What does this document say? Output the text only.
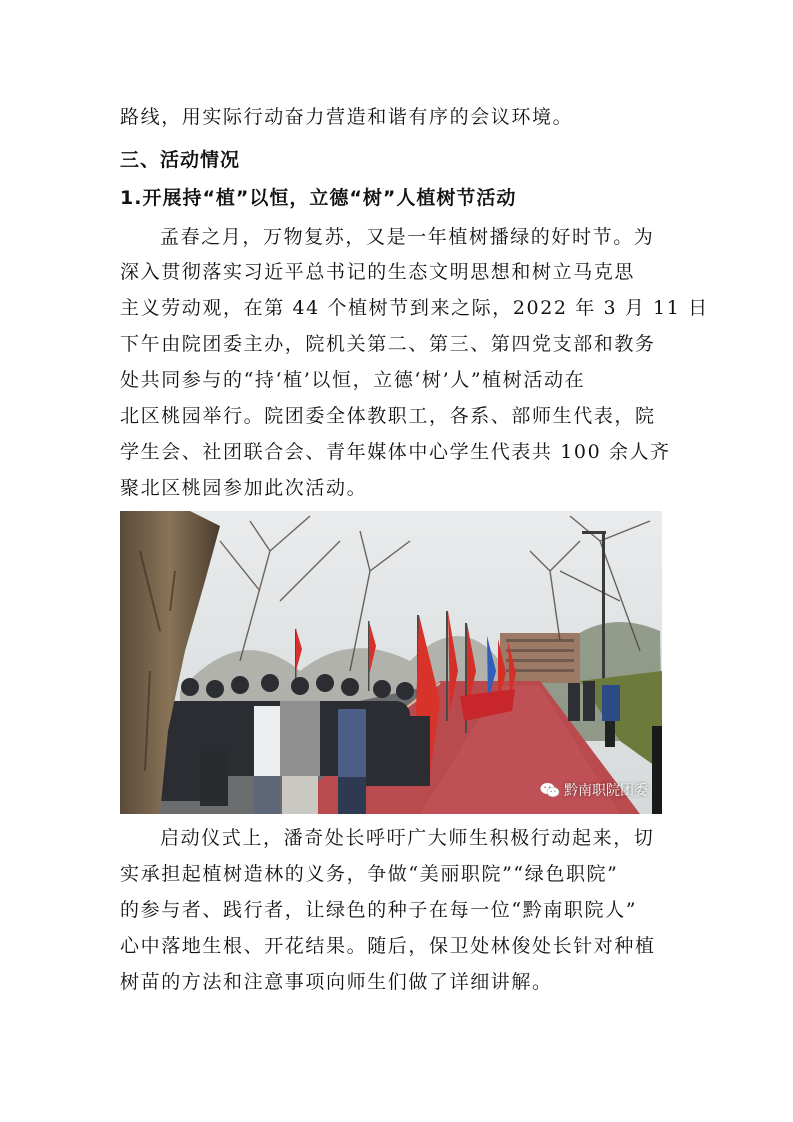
路线，用实际行动奋力营造和谐有序的会议环境。
三、活动情况
1.开展持“植”以恒，立德“树”人植树节活动
孟春之月，万物复苏，又是一年植树播绿的好时节。为
深入贯彻落实习近平总书记的生态文明思想和树立马克思
主义劳动观，在第 44 个植树节到来之际，2022 年 3 月 11 日
下午由院团委主办，院机关第二、第三、第四党支部和教务
处共同参与的“持‘植’以恒，立德‘树’人”植树活动在
北区桃园举行。院团委全体教职工，各系、部师生代表，院
学生会、社团联合会、青年媒体中心学生代表共 100 余人齐
聚北区桃园参加此次活动。
黔南职院团委
启动仪式上，潘奇处长呼吁广大师生积极行动起来，切
实承担起植树造林的义务，争做“美丽职院”“绿色职院”
的参与者、践行者，让绿色的种子在每一位“黔南职院人”
心中落地生根、开花结果。随后，保卫处林俊处长针对种植
树苗的方法和注意事项向师生们做了详细讲解。
